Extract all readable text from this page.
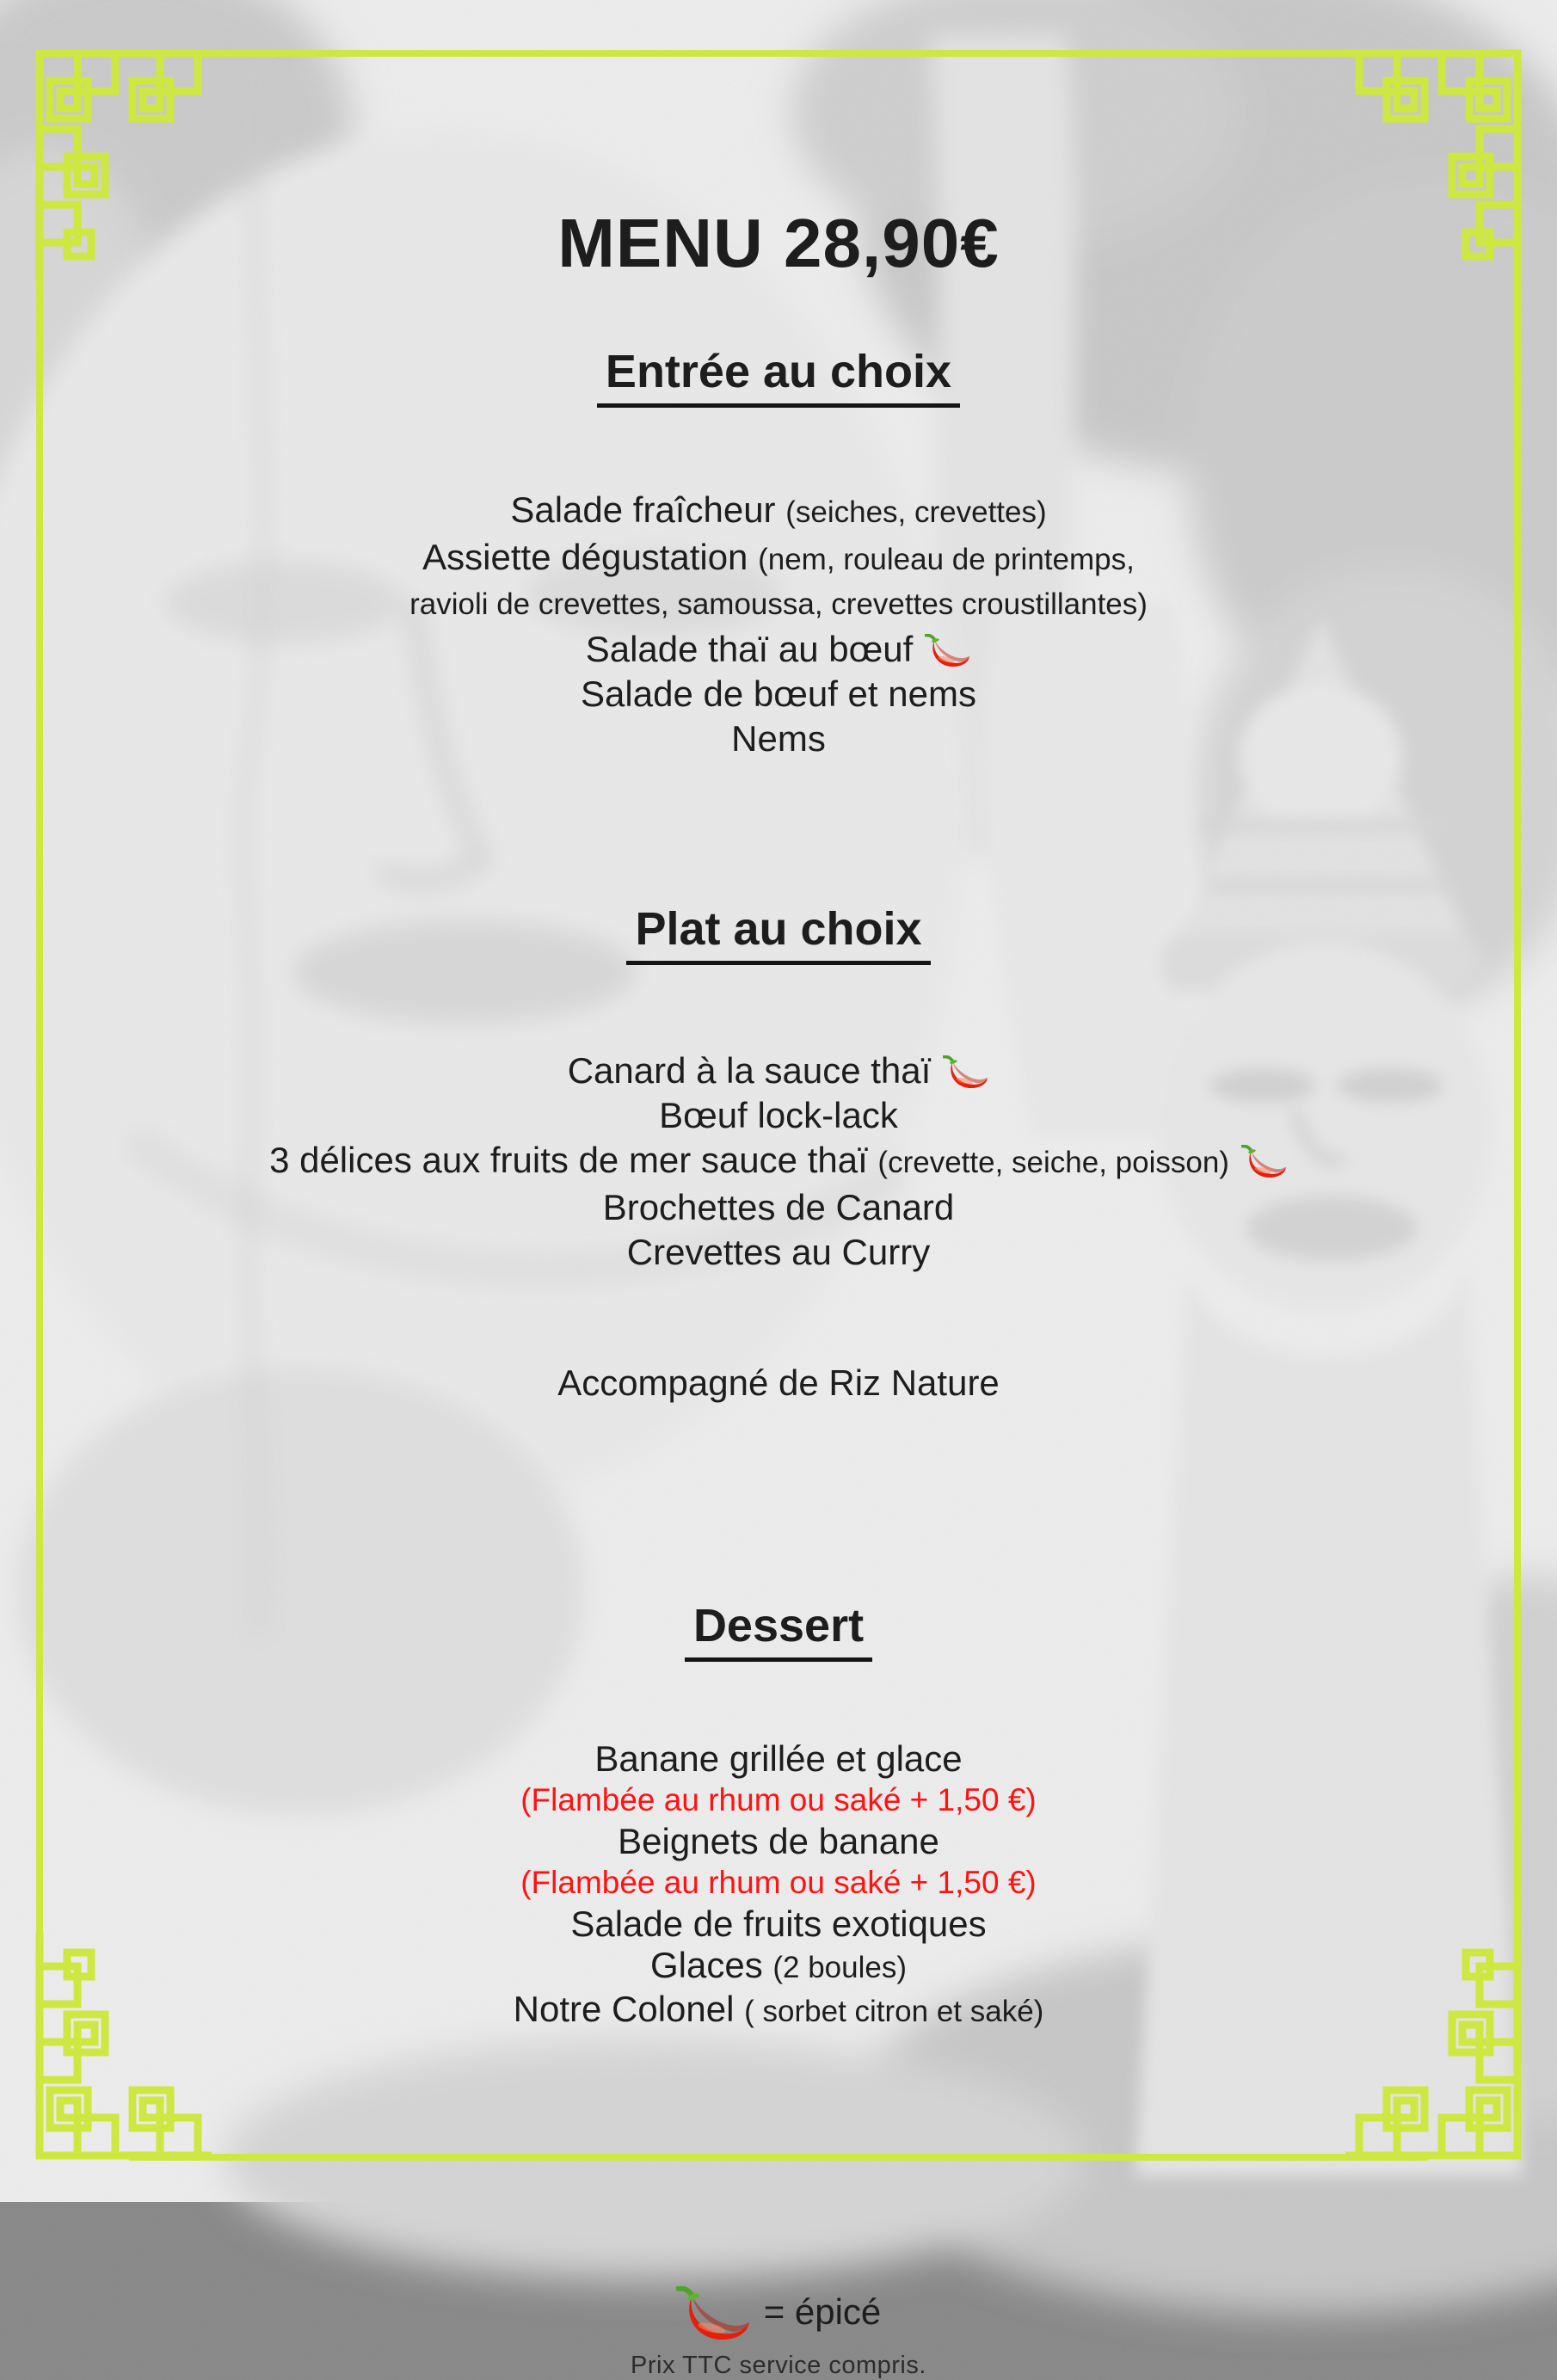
MENU 28,90€
Entrée au choix
Salade fraîcheur (seiches, crevettes)
Assiette dégustation (nem, rouleau de printemps,
ravioli de crevettes, samoussa, crevettes croustillantes)
Salade thaï au bœuf
Salade de bœuf et nems
Nems
Plat au choix
Canard à la sauce thaï
Bœuf lock-lack
3 délices aux fruits de mer sauce thaï (crevette, seiche, poisson)
Brochettes de Canard
Crevettes au Curry
Accompagné de Riz Nature
Dessert
Banane grillée et glace
(Flambée au rhum ou saké + 1,50 €)
Beignets de banane
(Flambée au rhum ou saké + 1,50 €)
Salade de fruits exotiques
Glaces (2 boules)
Notre Colonel ( sorbet citron et saké)
= épicé
Prix TTC service compris.
